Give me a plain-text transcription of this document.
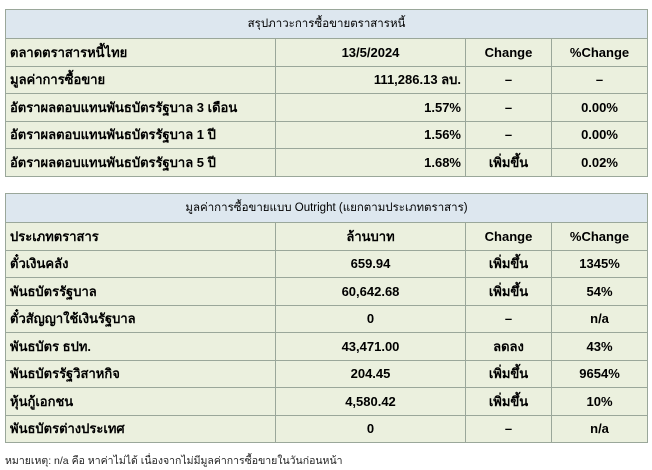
สรุปภาวะการซื้อขายตราสารหนี้			
ตลาดตราสารหนี้ไทย	13/5/2024	Change	%Change
มูลค่าการซื้อขาย	111,286.13 ลบ.	–	–
อัตราผลตอบแทนพันธบัตรรัฐบาล 3 เดือน	1.57%	–	0.00%
อัตราผลตอบแทนพันธบัตรรัฐบาล 1 ปี	1.56%	–	0.00%
อัตราผลตอบแทนพันธบัตรรัฐบาล 5 ปี	1.68%	เพิ่มขึ้น	0.02%
มูลค่าการซื้อขายแบบ Outright (แยกตามประเภทตราสาร)			
ประเภทตราสาร	ล้านบาท	Change	%Change
ตั๋วเงินคลัง	659.94	เพิ่มขึ้น	1345%
พันธบัตรรัฐบาล	60,642.68	เพิ่มขึ้น	54%
ตั๋วสัญญาใช้เงินรัฐบาล	0	–	n/a
พันธบัตร ธปท.	43,471.00	ลดลง	43%
พันธบัตรรัฐวิสาหกิจ	204.45	เพิ่มขึ้น	9654%
หุ้นกู้เอกชน	4,580.42	เพิ่มขึ้น	10%
พันธบัตรต่างประเทศ	0	–	n/a
หมายเหตุ: n/a คือ หาค่าไม่ได้ เนื่องจากไม่มีมูลค่าการซื้อขายในวันก่อนหน้า
